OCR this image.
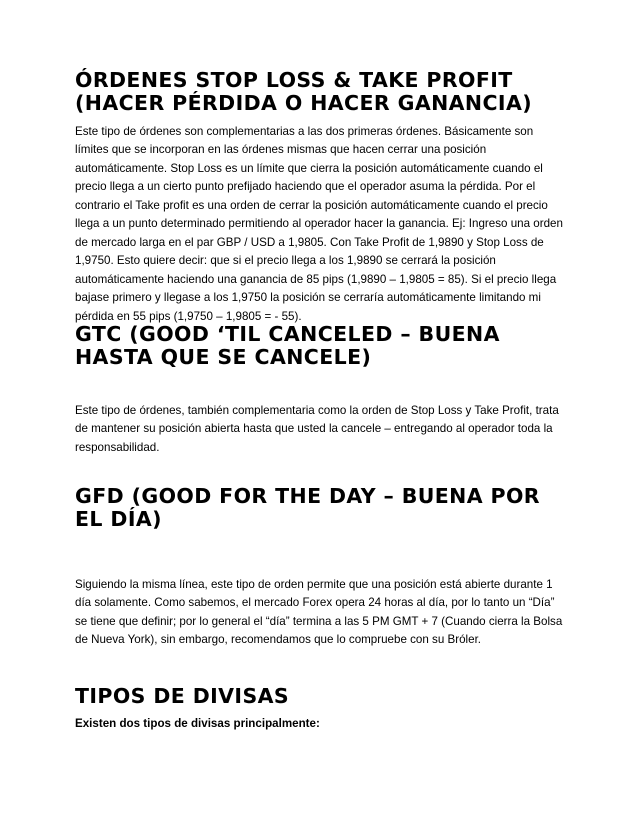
ÓRDENES STOP LOSS & TAKE PROFIT (HACER PÉRDIDA O HACER GANANCIA)

Este tipo de órdenes son complementarias a las dos primeras órdenes. Básicamente son límites que se incorporan en las órdenes mismas que hacen cerrar una posición automáticamente. Stop Loss es un límite que cierra la posición automáticamente cuando el precio llega a un cierto punto prefijado haciendo que el operador asuma la pérdida. Por el contrario el Take profit es una orden de cerrar la posición automáticamente cuando el precio llega a un punto determinado permitiendo al operador hacer la ganancia. Ej: Ingreso una orden de mercado larga en el par GBP / USD a 1,9805. Con Take Profit de 1,9890 y Stop Loss de 1,9750. Esto quiere decir: que si el precio llega a los 1,9890 se cerrará la posición automáticamente haciendo una ganancia de 85 pips (1,9890 – 1,9805 = 85). Si el precio llega bajase primero y llegase a los 1,9750 la posición se cerraría automáticamente limitando mi pérdida en 55 pips (1,9750 – 1,9805 = - 55).

GTC (GOOD ‘TIL CANCELED – BUENA HASTA QUE SE CANCELE)

Este tipo de órdenes, también complementaria como la orden de Stop Loss y Take Profit, trata de mantener su posición abierta hasta que usted la cancele – entregando al operador toda la responsabilidad.

GFD (GOOD FOR THE DAY – BUENA POR EL DÍA)

Siguiendo la misma línea, este tipo de orden permite que una posición está abierte durante 1 día solamente. Como sabemos, el mercado Forex opera 24 horas al día, por lo tanto un “Día” se tiene que definir; por lo general el “día” termina a las 5 PM GMT + 7 (Cuando cierra la Bolsa de Nueva York), sin embargo, recomendamos que lo compruebe con su Bróler.

TIPOS DE DIVISAS

Existen dos tipos de divisas principalmente:
